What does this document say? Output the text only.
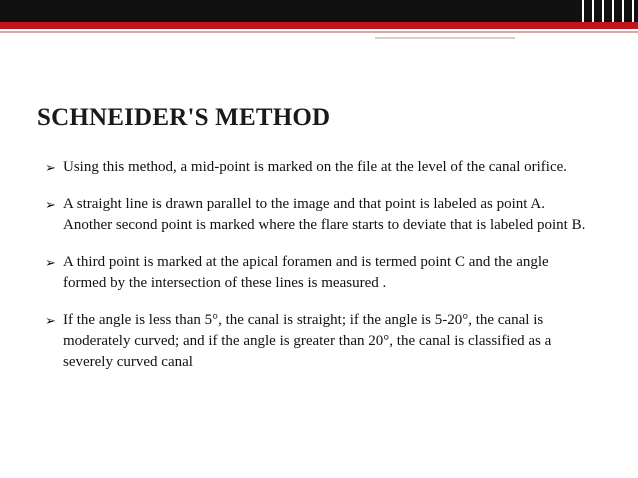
SCHNEIDER'S METHOD
➢ Using this method, a mid-point is marked on the file at the level of the canal orifice.
➢ A straight line is drawn parallel to the image and that point is labeled as point A. Another second point is marked where the flare starts to deviate that is labeled point B.
➢ A third point is marked at the apical foramen and is termed point C and the angle formed by the intersection of these lines is measured .
➢ If the angle is less than 5°, the canal is straight; if the angle is 5-20°, the canal is moderately curved; and if the angle is greater than 20°, the canal is classified as a severely curved canal
